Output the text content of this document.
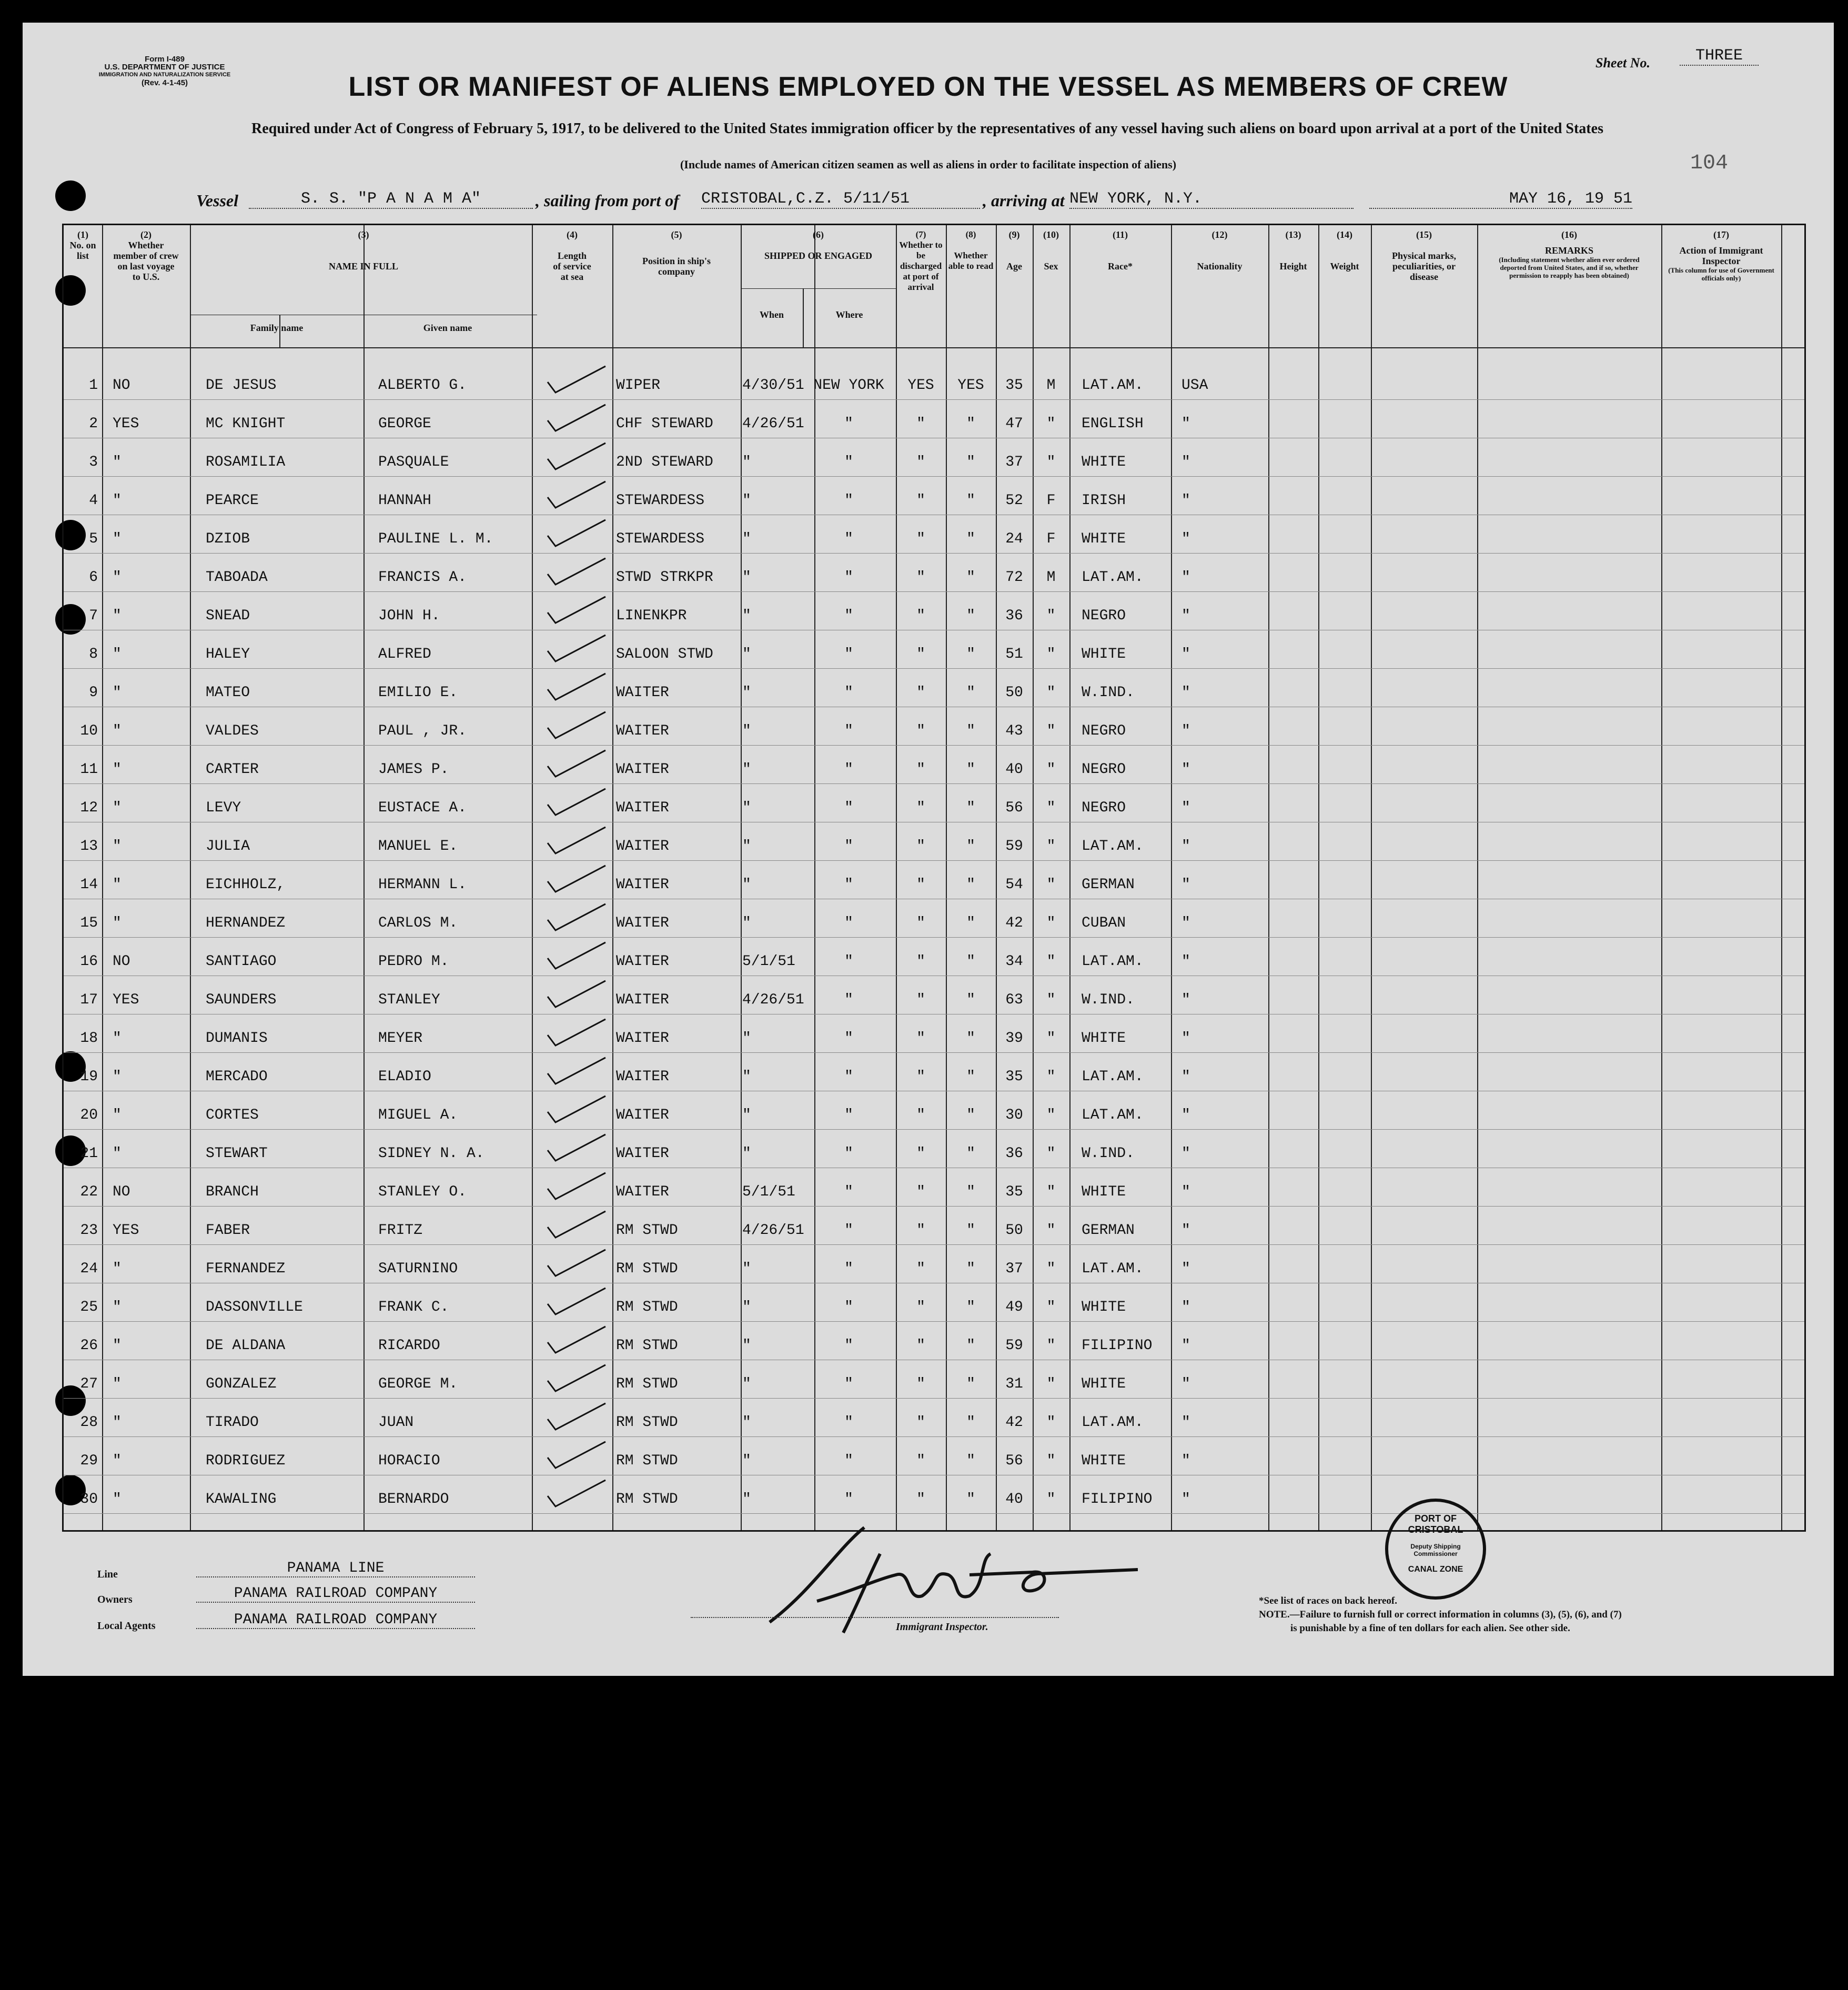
Form I-489
U.S. DEPARTMENT OF JUSTICE
IMMIGRATION AND NATURALIZATION SERVICE
(Rev. 4-1-45)
Sheet No.	THREE
LIST OR MANIFEST OF ALIENS EMPLOYED ON THE VESSEL AS MEMBERS OF CREW
Required under Act of Congress of February 5, 1917, to be delivered to the United States immigration officer by the representatives of any vessel having such aliens on board upon arrival at a port of the United States
(Include names of American citizen seamen as well as aliens in order to facilitate inspection of aliens)	104
Vessel	S. S. "P A N A M A"	, sailing from port of CRISTOBAL,C.Z. 5/11/51	, arriving at NEW YORK, N.Y.	MAY 16, 19 51
(1)
No. on list
(2)
Whether member of crew on last voyage to U.S.
(3)
NAME IN FULL
Family name	Given name
(4)
Length of service at sea
(5)
Position in ship's company
(6)
SHIPPED OR ENGAGED
When	Where
(7)
Whether to be discharged at port of arrival
(8)
Whether able to read
(9)
Age
(10)
Sex
(11)
Race*
(12)
Nationality
(13)
Height
(14)
Weight
(15)
Physical marks, peculiarities, or disease
(16)
REMARKS
(Including statement whether alien ever ordered deported from United States, and if so, whether permission to reapply has been obtained)
(17)
Action of Immigrant Inspector
(This column for use of Government officials only)
1 NO	DE JESUS	ALBERTO G.	WIPER	4/30/51 NEW YORK	YES	YES	35	M	LAT.AM.	USA
2 YES	MC KNIGHT	GEORGE	CHF STEWARD	4/26/51	"	"	"	47	"	ENGLISH	"
3 "	ROSAMILIA	PASQUALE	2ND STEWARD	"	"	"	"	37	"	WHITE	"
4 "	PEARCE	HANNAH	STEWARDESS	"	"	"	"	52	F	IRISH	"
5 "	DZIOB	PAULINE L. M.	STEWARDESS	"	"	"	"	24	F	WHITE	"
6 "	TABOADA	FRANCIS A.	STWD STRKPR	"	"	"	"	72	M	LAT.AM.	"
7 "	SNEAD	JOHN H.	LINENKPR	"	"	"	"	36	"	NEGRO	"
8 "	HALEY	ALFRED	SALOON STWD	"	"	"	"	51	"	WHITE	"
9 "	MATEO	EMILIO E.	WAITER	"	"	"	"	50	"	W.IND.	"
10 "	VALDES	PAUL , JR.	WAITER	"	"	"	"	43	"	NEGRO	"
11 "	CARTER	JAMES P.	WAITER	"	"	"	"	40	"	NEGRO	"
12 "	LEVY	EUSTACE A.	WAITER	"	"	"	"	56	"	NEGRO	"
13 "	JULIA	MANUEL E.	WAITER	"	"	"	"	59	"	LAT.AM.	"
14 "	EICHHOLZ,	HERMANN L.	WAITER	"	"	"	"	54	"	GERMAN	"
15 "	HERNANDEZ	CARLOS M.	WAITER	"	"	"	"	42	"	CUBAN	"
16 NO	SANTIAGO	PEDRO M.	WAITER	5/1/51	"	"	"	34	"	LAT.AM.	"
17 YES	SAUNDERS	STANLEY	WAITER	4/26/51	"	"	"	63	"	W.IND.	"
18 "	DUMANIS	MEYER	WAITER	"	"	"	"	39	"	WHITE	"
19 "	MERCADO	ELADIO	WAITER	"	"	"	"	35	"	LAT.AM.	"
20 "	CORTES	MIGUEL A.	WAITER	"	"	"	"	30	"	LAT.AM.	"
21 "	STEWART	SIDNEY N. A.	WAITER	"	"	"	"	36	"	W.IND.	"
22 NO	BRANCH	STANLEY O.	WAITER	5/1/51	"	"	"	35	"	WHITE	"
23 YES	FABER	FRITZ	RM STWD	4/26/51	"	"	"	50	"	GERMAN	"
24 "	FERNANDEZ	SATURNINO	RM STWD	"	"	"	"	37	"	LAT.AM.	"
25 "	DASSONVILLE	FRANK C.	RM STWD	"	"	"	"	49	"	WHITE	"
26 "	DE ALDANA	RICARDO	RM STWD	"	"	"	"	59	"	FILIPINO	"
27 "	GONZALEZ	GEORGE M.	RM STWD	"	"	"	"	31	"	WHITE	"
28 "	TIRADO	JUAN	RM STWD	"	"	"	"	42	"	LAT.AM.	"
29 "	RODRIGUEZ	HORACIO	RM STWD	"	"	"	"	56	"	WHITE	"
30 "	KAWALING	BERNARDO	RM STWD	"	"	"	"	40	"	FILIPINO	"
Immigrant Inspector.
PORT OF CRISTOBAL
Deputy Shipping Commissioner
CANAL ZONE
Line	PANAMA LINE
Owners	PANAMA RAILROAD COMPANY
Local Agents	PANAMA RAILROAD COMPANY
*See list of races on back hereof.
NOTE.—Failure to furnish full or correct information in columns (3), (5), (6), and (7)
is punishable by a fine of ten dollars for each alien. See other side.
